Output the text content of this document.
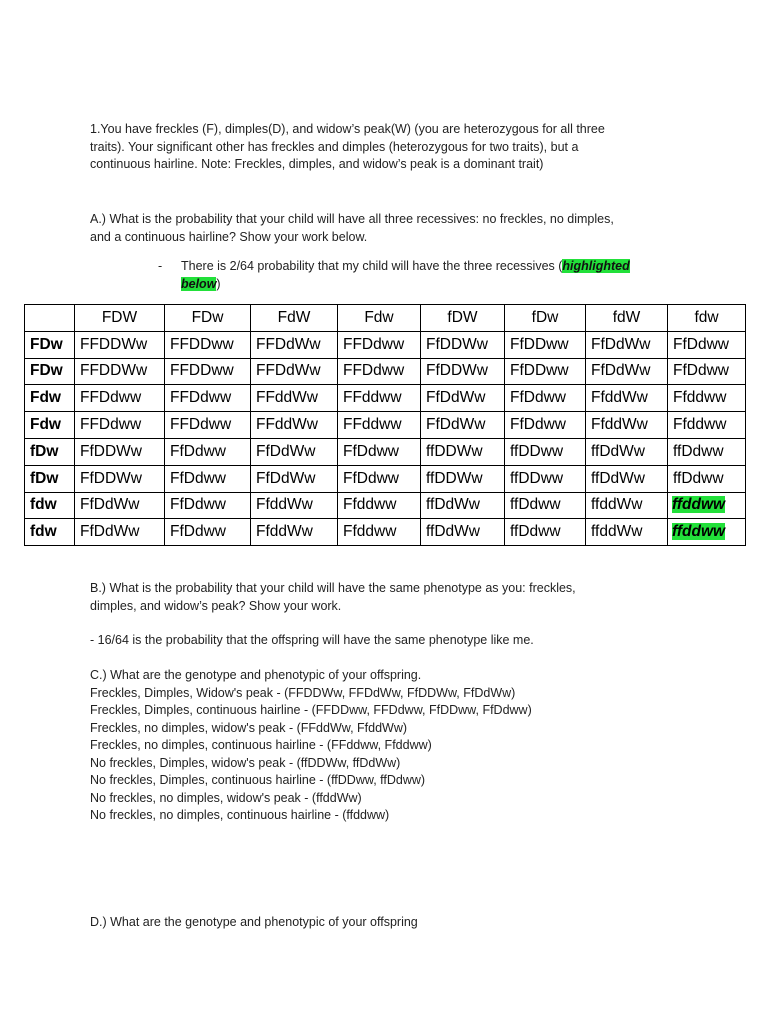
1.You have freckles (F), dimples(D), and widow’s peak(W) (you are heterozygous for all three
traits). Your significant other has freckles and dimples (heterozygous for two traits), but a
continuous hairline. Note: Freckles, dimples, and widow’s peak is a dominant trait)
A.) What is the probability that your child will have all three recessives: no freckles, no dimples,
and a continuous hairline? Show your work below.
- There is 2/64 probability that my child will have the three recessives (highlighted
below)
	FDW	FDw	FdW	Fdw	fDW	fDw	fdW	fdw
FDw	FFDDWw	FFDDww	FFDdWw	FFDdww	FfDDWw	FfDDww	FfDdWw	FfDdww
FDw	FFDDWw	FFDDww	FFDdWw	FFDdww	FfDDWw	FfDDww	FfDdWw	FfDdww
Fdw	FFDdww	FFDdww	FFddWw	FFddww	FfDdWw	FfDdww	FfddWw	Ffddww
Fdw	FFDdww	FFDdww	FFddWw	FFddww	FfDdWw	FfDdww	FfddWw	Ffddww
fDw	FfDDWw	FfDdww	FfDdWw	FfDdww	ffDDWw	ffDDww	ffDdWw	ffDdww
fDw	FfDDWw	FfDdww	FfDdWw	FfDdww	ffDDWw	ffDDww	ffDdWw	ffDdww
fdw	FfDdWw	FfDdww	FfddWw	Ffddww	ffDdWw	ffDdww	ffddWw	ffddww
fdw	FfDdWw	FfDdww	FfddWw	Ffddww	ffDdWw	ffDdww	ffddWw	ffddww
B.) What is the probability that your child will have the same phenotype as you: freckles,
dimples, and widow’s peak? Show your work.
- 16/64 is the probability that the offspring will have the same phenotype like me.
C.) What are the genotype and phenotypic of your offspring.
Freckles, Dimples, Widow's peak - (FFDDWw, FFDdWw, FfDDWw, FfDdWw)
Freckles, Dimples, continuous hairline - (FFDDww, FFDdww, FfDDww, FfDdww)
Freckles, no dimples, widow's peak - (FFddWw, FfddWw)
Freckles, no dimples, continuous hairline - (FFddww, Ffddww)
No freckles, Dimples, widow's peak - (ffDDWw, ffDdWw)
No freckles, Dimples, continuous hairline - (ffDDww, ffDdww)
No freckles, no dimples, widow's peak - (ffddWw)
No freckles, no dimples, continuous hairline - (ffddww)
D.) What are the genotype and phenotypic of your offspring
